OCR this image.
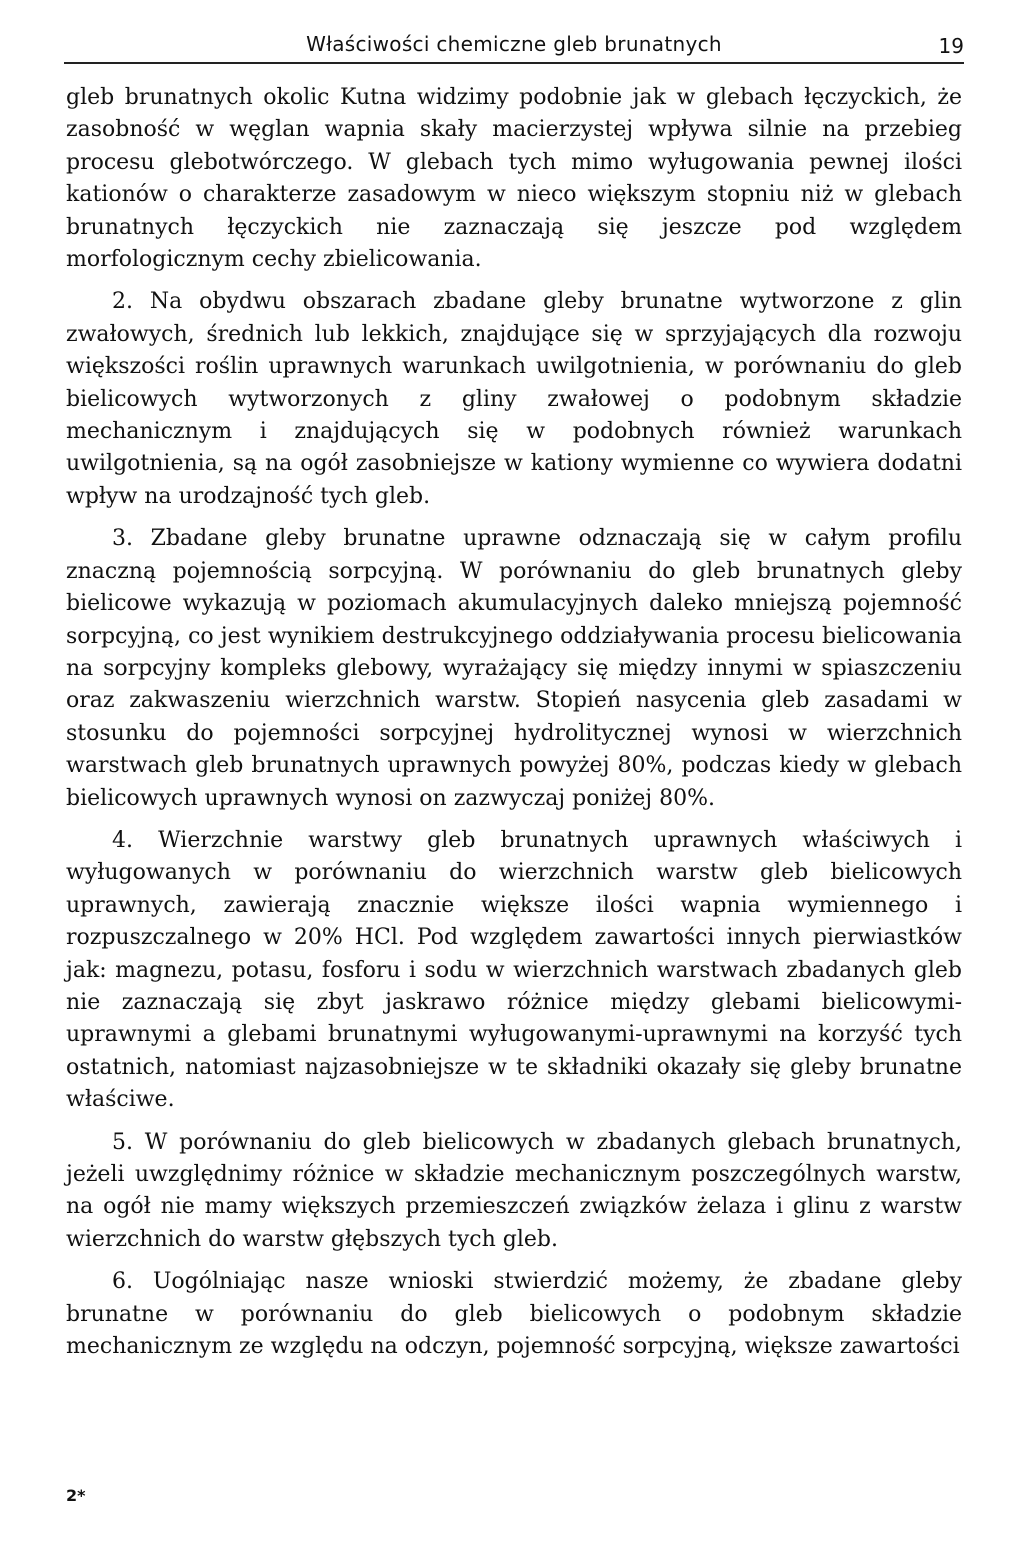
Właściwości chemiczne gleb brunatnych	19

gleb brunatnych okolic Kutna widzimy podobnie jak w glebach łęczyckich, że zasobność w węglan wapnia skały macierzystej wpływa silnie na przebieg procesu glebotwórczego. W glebach tych mimo wyługowania pewnej ilości kationów o charakterze zasadowym w nieco większym stopniu niż w glebach brunatnych łęczyckich nie zaznaczają się jeszcze pod względem morfologicznym cechy zbielicowania.

2. Na obydwu obszarach zbadane gleby brunatne wytworzone z glin zwałowych, średnich lub lekkich, znajdujące się w sprzyjających dla rozwoju większości roślin uprawnych warunkach uwilgotnienia, w porównaniu do gleb bielicowych wytworzonych z gliny zwałowej o podobnym składzie mechanicznym i znajdujących się w podobnych również warunkach uwilgotnienia, są na ogół zasobniejsze w kationy wymienne co wywiera dodatni wpływ na urodzajność tych gleb.

3. Zbadane gleby brunatne uprawne odznaczają się w całym profilu znaczną pojemnością sorpcyjną. W porównaniu do gleb brunatnych gleby bielicowe wykazują w poziomach akumulacyjnych daleko mniejszą pojemność sorpcyjną, co jest wynikiem destrukcyjnego oddziaływania procesu bielicowania na sorpcyjny kompleks glebowy, wyrażający się między innymi w spiaszczeniu oraz zakwaszeniu wierzchnich warstw. Stopień nasycenia gleb zasadami w stosunku do pojemności sorpcyjnej hydrolitycznej wynosi w wierzchnich warstwach gleb brunatnych uprawnych powyżej 80%, podczas kiedy w glebach bielicowych uprawnych wynosi on zazwyczaj poniżej 80%.

4. Wierzchnie warstwy gleb brunatnych uprawnych właściwych i wyługowanych w porównaniu do wierzchnich warstw gleb bielicowych uprawnych, zawierają znacznie większe ilości wapnia wymiennego i rozpuszczalnego w 20% HCl. Pod względem zawartości innych pierwiastków jak: magnezu, potasu, fosforu i sodu w wierzchnich warstwach zbadanych gleb nie zaznaczają się zbyt jaskrawo różnice między glebami bielicowymi-uprawnymi a glebami brunatnymi wyługowanymi-uprawnymi na korzyść tych ostatnich, natomiast najzasobniejsze w te składniki okazały się gleby brunatne właściwe.

5. W porównaniu do gleb bielicowych w zbadanych glebach brunatnych, jeżeli uwzględnimy różnice w składzie mechanicznym poszczególnych warstw, na ogół nie mamy większych przemieszczeń związków żelaza i glinu z warstw wierzchnich do warstw głębszych tych gleb.

6. Uogólniając nasze wnioski stwierdzić możemy, że zbadane gleby brunatne w porównaniu do gleb bielicowych o podobnym składzie mechanicznym ze względu na odczyn, pojemność sorpcyjną, większe zawartości

2*
